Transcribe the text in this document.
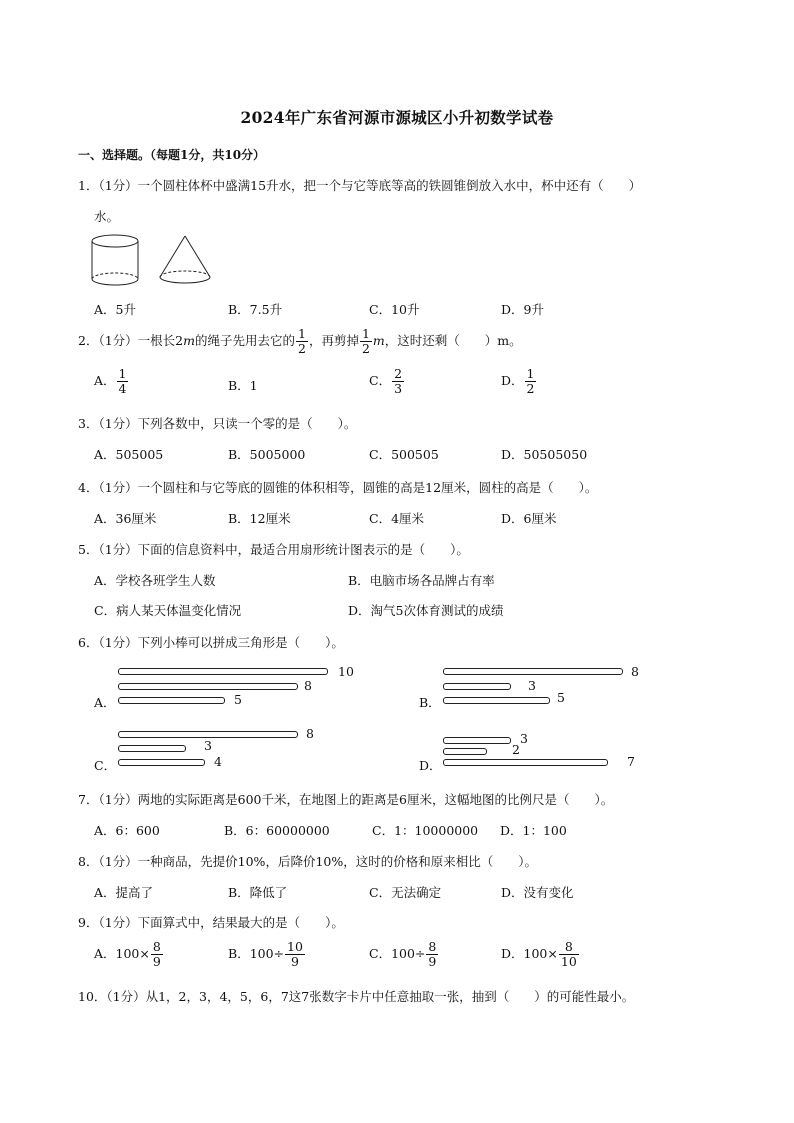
2024年广东省河源市源城区小升初数学试卷
一、选择题。（每题1分，共10分）
1．（1分）一个圆柱体杯中盛满15升水，把一个与它等底等高的铁圆锥倒放入水中，杯中还有（　　）
水。
A．5升	B．7.5升	C．10升	D．9升
2．（1分）一根长2m的绳子先用去它的 $\frac{1}{2}$ ，再剪掉 $\frac{1}{2}$ m，这时还剩（　　）m。
A． $\frac{1}{4}$	B．1	C． $\frac{2}{3}$	D． $\frac{1}{2}$
3．（1分）下列各数中，只读一个零的是（　　）。
A．505005	B．5005000	C．500505	D．50505050
4．（1分）一个圆柱和与它等底的圆锥的体积相等，圆锥的高是12厘米，圆柱的高是（　　）。
A．36厘米	B．12厘米	C．4厘米	D．6厘米
5．（1分）下面的信息资料中，最适合用扇形统计图表示的是（　　）。
A．学校各班学生人数	B．电脑市场各品牌占有率
C．病人某天体温变化情况	D．淘气5次体育测试的成绩
6．（1分）下列小棒可以拼成三角形是（　　）。
A．
10
8
5	B．
8
3
5
C．
8
3
4	D．
3
2
7
7．（1分）两地的实际距离是600千米，在地图上的距离是6厘米，这幅地图的比例尺是（　　）。
A．6：600	B．6：60000000	C．1：10000000 D．1：100
8．（1分）一种商品，先提价10%，后降价10%，这时的价格和原来相比（　　）。
A．提高了	B．降低了	C．无法确定	D．没有变化
9．（1分）下面算式中，结果最大的是（　　）。
A．$100\times \frac{8}{9}$	B．$100\div \frac{10}{9}$	C．$100\div \frac{8}{9}$	D．$100\times \frac{8}{10}$
10．（1分）从1，2，3，4，5，6，7这7张数字卡片中任意抽取一张，抽到（　　）的可能性最小。
